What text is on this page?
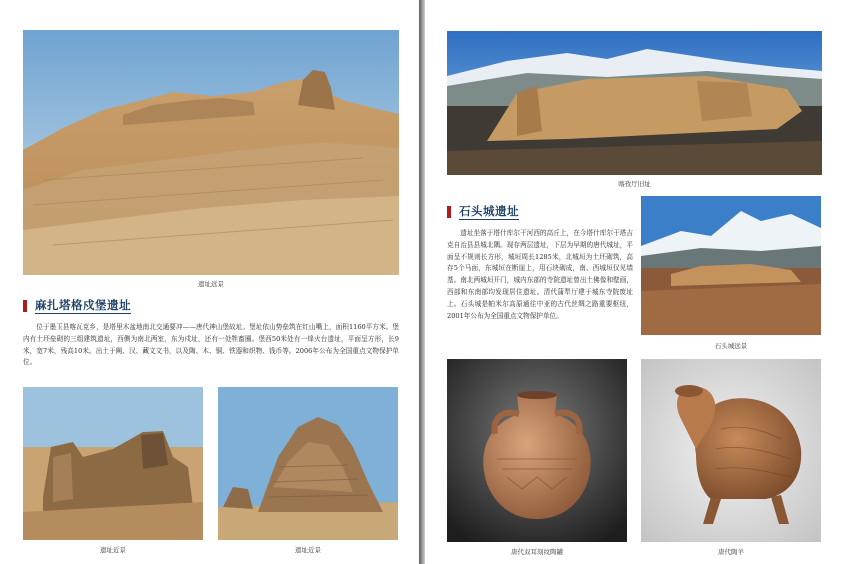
遗址远景
麻扎塔格戍堡遗址
位于墨玉县喀瓦克乡，是塔里木盆地南北交通要冲——唐代神山堡故址。堡址依山势垒筑在红山嘴上，面积1160平方米。堡内有土坯垒砌的三组建筑遗址，西侧为南北两室，东为戍址，还有一处牲畜圈。堡西50米处有一烽火台遗址，平面呈方形，长9米，宽7米，残高10米。出土于阗、汉、藏文文书，以及陶、木、铜、铁器和织物、钱币等。2006年公布为全国重点文物保护单位。
遗址近景	遗址近景
喀孜厅旧址
石头城遗址
遗址坐落于塔什库尔干河西的高丘上，在今塔什库尔干塔吉克自治县县城北隅。现存两层遗址，下层为早期的唐代城址，平面呈不规则长方形，城垣周长1285米，北城垣为土坯砌筑，高存5个马面，东城垣在断崖上，用石块砌成，南、西城垣仅见墙基。南北两城垣开门，城内东部的寺院遗址曾出土佛像和壁画，西部和东南部均发现居住遗址。清代蒲犁厅建于城东寺院废址上。石头城是帕米尔高原通往中亚的古代丝绸之路重要枢纽，2001年公布为全国重点文物保护单位。
石头城远景
唐代双耳刻纹陶罐	唐代陶羊
